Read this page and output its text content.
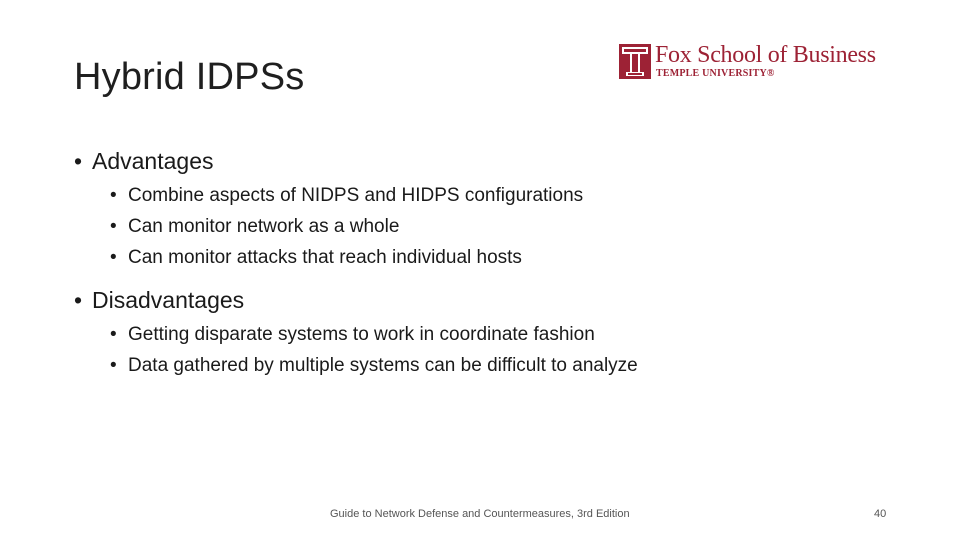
Hybrid IDPSs
Fox School of Business
TEMPLE UNIVERSITY®
• Advantages
• Combine aspects of NIDPS and HIDPS configurations
• Can monitor network as a whole
• Can monitor attacks that reach individual hosts
• Disadvantages
• Getting disparate systems to work in coordinate fashion
• Data gathered by multiple systems can be difficult to analyze
Guide to Network Defense and Countermeasures, 3rd Edition	40
